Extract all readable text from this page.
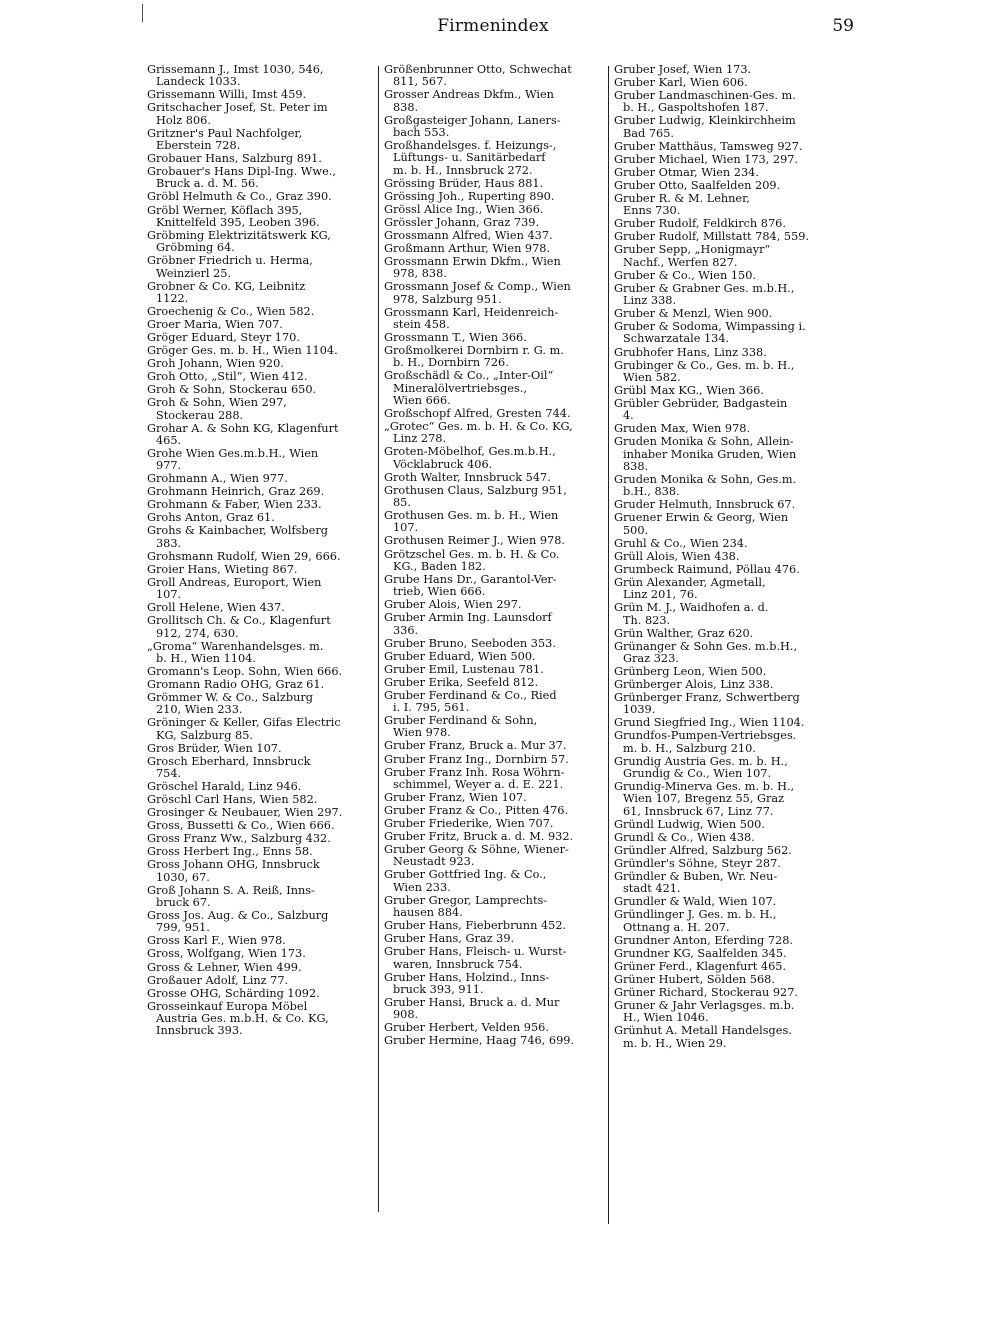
Firmenindex	59
Grissemann J., Imst 1030, 546,
Landeck 1033.
Grissemann Willi, Imst 459.
Gritschacher Josef, St. Peter im
Holz 806.
Gritzner's Paul Nachfolger,
Eberstein 728.
Grobauer Hans, Salzburg 891.
Grobauer's Hans Dipl-Ing. Wwe.,
Bruck a. d. M. 56.
Gröbl Helmuth & Co., Graz 390.
Gröbl Werner, Köflach 395,
Knittelfeld 395, Leoben 396.
Gröbming Elektrizitätswerk KG,
Gröbming 64.
Gröbner Friedrich u. Herma,
Weinzierl 25.
Grobner & Co. KG, Leibnitz
1122.
Groechenig & Co., Wien 582.
Groer Maria, Wien 707.
Gröger Eduard, Steyr 170.
Gröger Ges. m. b. H., Wien 1104.
Groh Johann, Wien 920.
Groh Otto, „Stil“, Wien 412.
Groh & Sohn, Stockerau 650.
Groh & Sohn, Wien 297,
Stockerau 288.
Grohar A. & Sohn KG, Klagenfurt
465.
Grohe Wien Ges.m.b.H., Wien
977.
Grohmann A., Wien 977.
Grohmann Heinrich, Graz 269.
Grohmann & Faber, Wien 233.
Grohs Anton, Graz 61.
Grohs & Kainbacher, Wolfsberg
383.
Grohsmann Rudolf, Wien 29, 666.
Groier Hans, Wieting 867.
Groll Andreas, Europort, Wien
107.
Groll Helene, Wien 437.
Grollitsch Ch. & Co., Klagenfurt
912, 274, 630.
„Groma“ Warenhandelsges. m.
b. H., Wien 1104.
Gromann's Leop. Sohn, Wien 666.
Gromann Radio OHG, Graz 61.
Grömmer W. & Co., Salzburg
210, Wien 233.
Gröninger & Keller, Gifas Electric
KG, Salzburg 85.
Gros Brüder, Wien 107.
Grosch Eberhard, Innsbruck
754.
Gröschel Harald, Linz 946.
Gröschl Carl Hans, Wien 582.
Grosinger & Neubauer, Wien 297.
Gross, Bussetti & Co., Wien 666.
Gross Franz Ww., Salzburg 432.
Gross Herbert Ing., Enns 58.
Gross Johann OHG, Innsbruck
1030, 67.
Groß Johann S. A. Reiß, Inns-
bruck 67.
Gross Jos. Aug. & Co., Salzburg
799, 951.
Gross Karl F., Wien 978.
Gross, Wolfgang, Wien 173.
Gross & Lehner, Wien 499.
Großauer Adolf, Linz 77.
Grosse OHG, Schärding 1092.
Grosseinkauf Europa Möbel
Austria Ges. m.b.H. & Co. KG,
Innsbruck 393.
Größenbrunner Otto, Schwechat
811, 567.
Grosser Andreas Dkfm., Wien
838.
Großgasteiger Johann, Laners-
bach 553.
Großhandelsges. f. Heizungs-,
Lüftungs- u. Sanitärbedarf
m. b. H., Innsbruck 272.
Grössing Brüder, Haus 881.
Grössing Joh., Ruperting 890.
Grössl Alice Ing., Wien 366.
Grössler Johann, Graz 739.
Grossmann Alfred, Wien 437.
Großmann Arthur, Wien 978.
Grossmann Erwin Dkfm., Wien
978, 838.
Grossmann Josef & Comp., Wien
978, Salzburg 951.
Grossmann Karl, Heidenreich-
stein 458.
Grossmann T., Wien 366.
Großmolkerei Dornbirn r. G. m.
b. H., Dornbirn 726.
Großschädl & Co., „Inter-Oil“
Mineralölvertriebsges.,
Wien 666.
Großschopf Alfred, Gresten 744.
„Grotec“ Ges. m. b. H. & Co. KG,
Linz 278.
Groten-Möbelhof, Ges.m.b.H.,
Vöcklabruck 406.
Groth Walter, Innsbruck 547.
Grothusen Claus, Salzburg 951,
85.
Grothusen Ges. m. b. H., Wien
107.
Grothusen Reimer J., Wien 978.
Grötzschel Ges. m. b. H. & Co.
KG., Baden 182.
Grube Hans Dr., Garantol-Ver-
trieb, Wien 666.
Gruber Alois, Wien 297.
Gruber Armin Ing. Launsdorf
336.
Gruber Bruno, Seeboden 353.
Gruber Eduard, Wien 500.
Gruber Emil, Lustenau 781.
Gruber Erika, Seefeld 812.
Gruber Ferdinand & Co., Ried
i. I. 795, 561.
Gruber Ferdinand & Sohn,
Wien 978.
Gruber Franz, Bruck a. Mur 37.
Gruber Franz Ing., Dornbirn 57.
Gruber Franz Inh. Rosa Wöhrn-
schimmel, Weyer a. d. E. 221.
Gruber Franz, Wien 107.
Gruber Franz & Co., Pitten 476.
Gruber Friederike, Wien 707.
Gruber Fritz, Bruck a. d. M. 932.
Gruber Georg & Söhne, Wiener-
Neustadt 923.
Gruber Gottfried Ing. & Co.,
Wien 233.
Gruber Gregor, Lamprechts-
hausen 884.
Gruber Hans, Fieberbrunn 452.
Gruber Hans, Graz 39.
Gruber Hans, Fleisch- u. Wurst-
waren, Innsbruck 754.
Gruber Hans, Holzind., Inns-
bruck 393, 911.
Gruber Hansi, Bruck a. d. Mur
908.
Gruber Herbert, Velden 956.
Gruber Hermine, Haag 746, 699.
Gruber Josef, Wien 173.
Gruber Karl, Wien 606.
Gruber Landmaschinen-Ges. m.
b. H., Gaspoltshofen 187.
Gruber Ludwig, Kleinkirchheim
Bad 765.
Gruber Matthäus, Tamsweg 927.
Gruber Michael, Wien 173, 297.
Gruber Otmar, Wien 234.
Gruber Otto, Saalfelden 209.
Gruber R. & M. Lehner,
Enns 730.
Gruber Rudolf, Feldkirch 876.
Gruber Rudolf, Millstatt 784, 559.
Gruber Sepp, „Honigmayr“
Nachf., Werfen 827.
Gruber & Co., Wien 150.
Gruber & Grabner Ges. m.b.H.,
Linz 338.
Gruber & Menzl, Wien 900.
Gruber & Sodoma, Wimpassing i.
Schwarzatale 134.
Grubhofer Hans, Linz 338.
Grubinger & Co., Ges. m. b. H.,
Wien 582.
Grübl Max KG., Wien 366.
Grübler Gebrüder, Badgastein
4.
Gruden Max, Wien 978.
Gruden Monika & Sohn, Allein-
inhaber Monika Gruden, Wien
838.
Gruden Monika & Sohn, Ges.m.
b.H., 838.
Gruder Helmuth, Innsbruck 67.
Gruener Erwin & Georg, Wien
500.
Gruhl & Co., Wien 234.
Grüll Alois, Wien 438.
Grumbeck Raimund, Pöllau 476.
Grün Alexander, Agmetall,
Linz 201, 76.
Grün M. J., Waidhofen a. d.
Th. 823.
Grün Walther, Graz 620.
Grünanger & Sohn Ges. m.b.H.,
Graz 323.
Grünberg Leon, Wien 500.
Grünberger Alois, Linz 338.
Grünberger Franz, Schwertberg
1039.
Grund Siegfried Ing., Wien 1104.
Grundfos-Pumpen-Vertriebsges.
m. b. H., Salzburg 210.
Grundig Austria Ges. m. b. H.,
Grundig & Co., Wien 107.
Grundig-Minerva Ges. m. b. H.,
Wien 107, Bregenz 55, Graz
61, Innsbruck 67, Linz 77.
Gründl Ludwig, Wien 500.
Grundl & Co., Wien 438.
Gründler Alfred, Salzburg 562.
Gründler's Söhne, Steyr 287.
Gründler & Buben, Wr. Neu-
stadt 421.
Grundler & Wald, Wien 107.
Gründlinger J. Ges. m. b. H.,
Ottnang a. H. 207.
Grundner Anton, Eferding 728.
Grundner KG, Saalfelden 345.
Grüner Ferd., Klagenfurt 465.
Grüner Hubert, Sölden 568.
Grüner Richard, Stockerau 927.
Gruner & Jahr Verlagsges. m.b.
H., Wien 1046.
Grünhut A. Metall Handelsges.
m. b. H., Wien 29.
